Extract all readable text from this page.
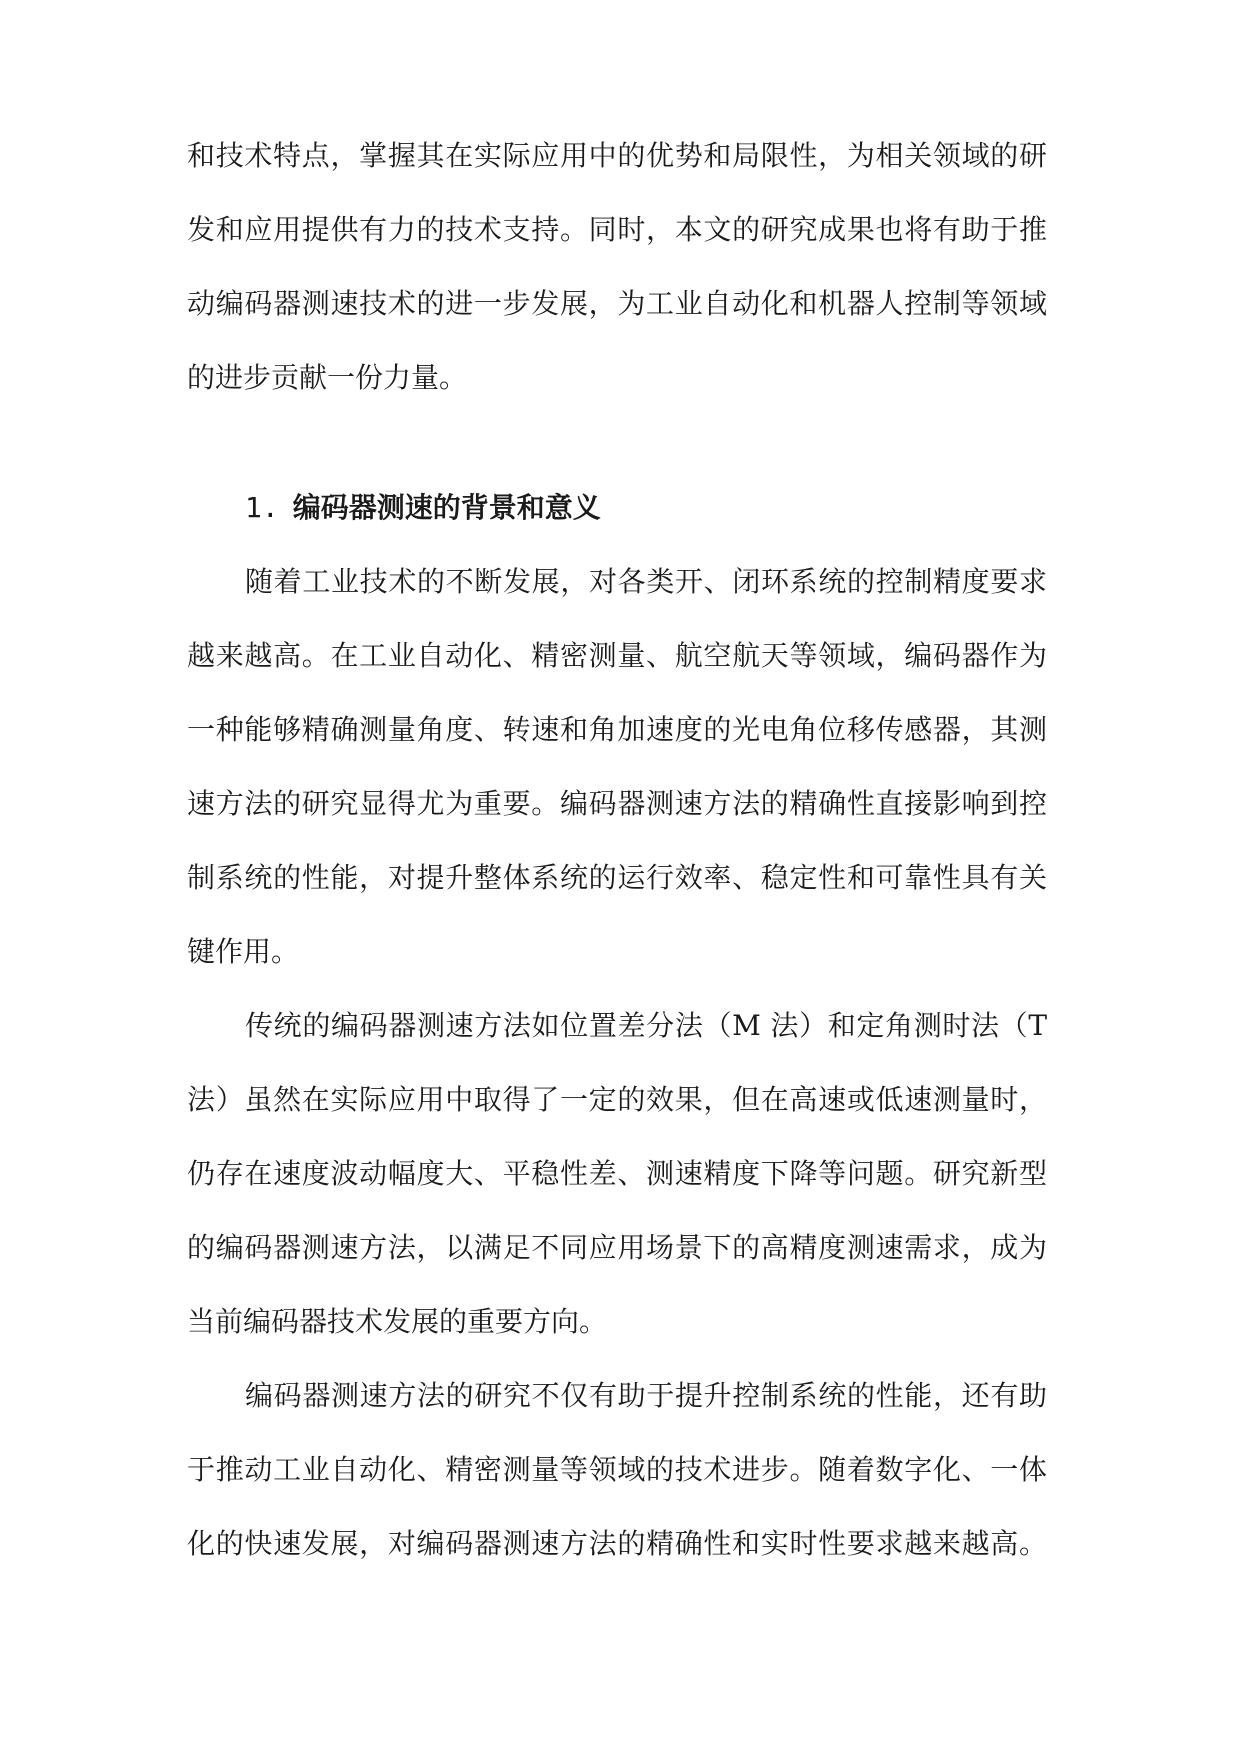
和技术特点，掌握其在实际应用中的优势和局限性，为相关领域的研
发和应用提供有力的技术支持。同时，本文的研究成果也将有助于推
动编码器测速技术的进一步发展，为工业自动化和机器人控制等领域
的进步贡献一份力量。
1. 编码器测速的背景和意义
随着工业技术的不断发展，对各类开、闭环系统的控制精度要求
越来越高。在工业自动化、精密测量、航空航天等领域，编码器作为
一种能够精确测量角度、转速和角加速度的光电角位移传感器，其测
速方法的研究显得尤为重要。编码器测速方法的精确性直接影响到控
制系统的性能，对提升整体系统的运行效率、稳定性和可靠性具有关
键作用。
传统的编码器测速方法如位置差分法（M 法）和定角测时法（T
法）虽然在实际应用中取得了一定的效果，但在高速或低速测量时，
仍存在速度波动幅度大、平稳性差、测速精度下降等问题。研究新型
的编码器测速方法，以满足不同应用场景下的高精度测速需求，成为
当前编码器技术发展的重要方向。
编码器测速方法的研究不仅有助于提升控制系统的性能，还有助
于推动工业自动化、精密测量等领域的技术进步。随着数字化、一体
化的快速发展，对编码器测速方法的精确性和实时性要求越来越高。
